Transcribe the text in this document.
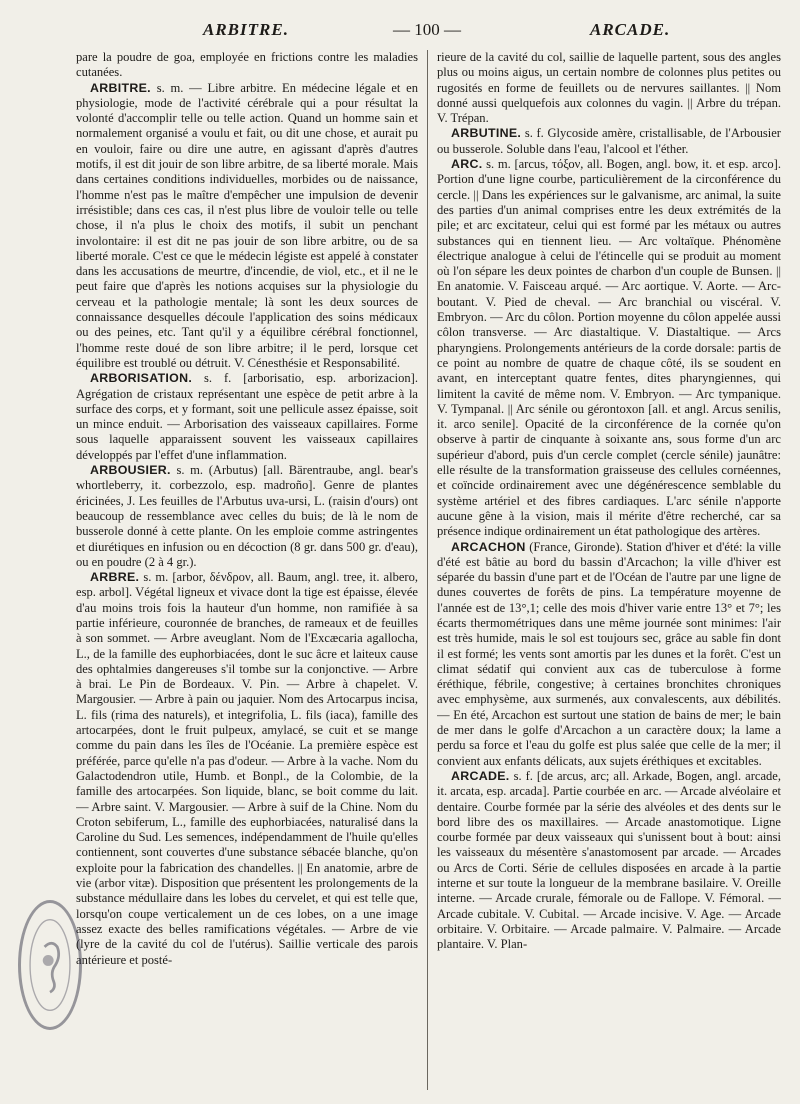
ARBITRE.	— 100 —	ARCADE.

pare la poudre de goa, employée en frictions contre les maladies cutanées.

ARBITRE. s. m. — Libre arbitre. En médecine légale et en physiologie, mode de l'activité cérébrale qui a pour résultat la volonté d'accomplir telle ou telle action. Quand un homme sain et normalement organisé a voulu et fait, ou dit une chose, et aurait pu en vouloir, faire ou dire une autre, en agissant d'après d'autres motifs, il est dit jouir de son libre arbitre, de sa liberté morale. Mais dans certaines conditions individuelles, morbides ou de naissance, l'homme n'est pas le maître d'empêcher une impulsion de devenir irrésistible; dans ces cas, il n'est plus libre de vouloir telle ou telle chose, il n'a plus le choix des motifs, il subit un penchant involontaire: il est dit ne pas jouir de son libre arbitre, ou de sa liberté morale. C'est ce que le médecin légiste est appelé à constater dans les accusations de meurtre, d'incendie, de viol, etc., et il ne le peut faire que d'après les notions acquises sur la physiologie du cerveau et la pathologie mentale; là sont les deux sources de connaissance desquelles découle l'application des soins médicaux ou des peines, etc. Tant qu'il y a équilibre cérébral fonctionnel, l'homme reste doué de son libre arbitre; il le perd, lorsque cet équilibre est troublé ou détruit. V. Cénesthésie et Responsabilité.

ARBORISATION. s. f. [arborisatio, esp. arborizacion]. Agrégation de cristaux représentant une espèce de petit arbre à la surface des corps, et y formant, soit une pellicule assez épaisse, soit un mince enduit. — Arborisation des vaisseaux capillaires. Forme sous laquelle apparaissent souvent les vaisseaux capillaires développés par l'effet d'une inflammation.

ARBOUSIER. s. m. (Arbutus) [all. Bärentraube, angl. bear's whortleberry, it. corbezzolo, esp. madroño]. Genre de plantes éricinées, J. Les feuilles de l'Arbutus uva-ursi, L. (raisin d'ours) ont beaucoup de ressemblance avec celles du buis; de là le nom de busserole donné à cette plante. On les emploie comme astringentes et diurétiques en infusion ou en décoction (8 gr. dans 500 gr. d'eau), ou en poudre (2 à 4 gr.).

ARBRE. s. m. [arbor, δένδρον, all. Baum, angl. tree, it. albero, esp. arbol]. Végétal ligneux et vivace dont la tige est épaisse, élevée d'au moins trois fois la hauteur d'un homme, non ramifiée à sa partie inférieure, couronnée de branches, de rameaux et de feuilles à son sommet. — Arbre aveuglant. Nom de l'Excæcaria agallocha, L., de la famille des euphorbiacées, dont le suc âcre et laiteux cause des ophtalmies dangereuses s'il tombe sur la conjonctive. — Arbre à brai. Le Pin de Bordeaux. V. Pin. — Arbre à chapelet. V. Margousier. — Arbre à pain ou jaquier. Nom des Artocarpus incisa, L. fils (rima des naturels), et integrifolia, L. fils (iaca), famille des artocarpées, dont le fruit pulpeux, amylacé, se cuit et se mange comme du pain dans les îles de l'Océanie. La première espèce est préférée, parce qu'elle n'a pas d'odeur. — Arbre à la vache. Nom du Galactodendron utile, Humb. et Bonpl., de la Colombie, de la famille des artocarpées. Son liquide, blanc, se boit comme du lait. — Arbre saint. V. Margousier. — Arbre à suif de la Chine. Nom du Croton sebiferum, L., famille des euphorbiacées, naturalisé dans la Caroline du Sud. Les semences, indépendamment de l'huile qu'elles contiennent, sont couvertes d'une substance sébacée blanche, qu'on exploite pour la fabrication des chandelles. || En anatomie, arbre de vie (arbor vitæ). Disposition que présentent les prolongements de la substance médullaire dans les lobes du cervelet, et qui est telle que, lorsqu'on coupe verticalement un de ces lobes, on a une image assez exacte des belles ramifications végétales. — Arbre de vie (lyre de la cavité du col de l'utérus). Saillie verticale des parois antérieure et posté-

rieure de la cavité du col, saillie de laquelle partent, sous des angles plus ou moins aigus, un certain nombre de colonnes plus petites ou rugosités en forme de feuillets ou de nervures saillantes. || Nom donné aussi quelquefois aux colonnes du vagin. || Arbre du trépan. V. Trépan.

ARBUTINE. s. f. Glycoside amère, cristallisable, de l'Arbousier ou busserole. Soluble dans l'eau, l'alcool et l'éther.

ARC. s. m. [arcus, τόξον, all. Bogen, angl. bow, it. et esp. arco]. Portion d'une ligne courbe, particulièrement de la circonférence du cercle. || Dans les expériences sur le galvanisme, arc animal, la suite des parties d'un animal comprises entre les deux extrémités de la pile; et arc excitateur, celui qui est formé par les métaux ou autres substances qui en tiennent lieu. — Arc voltaïque. Phénomène électrique analogue à celui de l'étincelle qui se produit au moment où l'on sépare les deux pointes de charbon d'un couple de Bunsen. || En anatomie. V. Faisceau arqué. — Arc aortique. V. Aorte. — Arc-boutant. V. Pied de cheval. — Arc branchial ou viscéral. V. Embryon. — Arc du côlon. Portion moyenne du côlon appelée aussi côlon transverse. — Arc diastaltique. V. Diastaltique. — Arcs pharyngiens. Prolongements antérieurs de la corde dorsale: partis de ce point au nombre de quatre de chaque côté, ils se soudent en avant, en interceptant quatre fentes, dites pharyngiennes, qui limitent la cavité de même nom. V. Embryon. — Arc tympanique. V. Tympanal. || Arc sénile ou gérontoxon [all. et angl. Arcus senilis, it. arco senile]. Opacité de la circonférence de la cornée qu'on observe à partir de cinquante à soixante ans, sous forme d'un arc supérieur d'abord, puis d'un cercle complet (cercle sénile) jaunâtre: elle résulte de la transformation graisseuse des cellules cornéennes, et coïncide ordinairement avec une dégénérescence semblable du système artériel et des fibres cardiaques. L'arc sénile n'apporte aucune gêne à la vision, mais il mérite d'être recherché, car sa présence indique ordinairement un état pathologique des artères.

ARCACHON (France, Gironde). Station d'hiver et d'été: la ville d'été est bâtie au bord du bassin d'Arcachon; la ville d'hiver est séparée du bassin d'une part et de l'Océan de l'autre par une ligne de dunes couvertes de forêts de pins. La température moyenne de l'année est de 13°,1; celle des mois d'hiver varie entre 13° et 7°; les écarts thermométriques dans une même journée sont minimes: l'air est très humide, mais le sol est toujours sec, grâce au sable fin dont il est formé; les vents sont amortis par les dunes et la forêt. C'est un climat sédatif qui convient aux cas de tuberculose à forme éréthique, fébrile, congestive; à certaines bronchites chroniques avec emphysème, aux surmenés, aux convalescents, aux débilités. — En été, Arcachon est surtout une station de bains de mer; le bain de mer dans le golfe d'Arcachon a un caractère doux; la lame a perdu sa force et l'eau du golfe est plus salée que celle de la mer; il convient aux enfants délicats, aux sujets éréthiques et excitables.

ARCADE. s. f. [de arcus, arc; all. Arkade, Bogen, angl. arcade, it. arcata, esp. arcada]. Partie courbée en arc. — Arcade alvéolaire et dentaire. Courbe formée par la série des alvéoles et des dents sur le bord libre des os maxillaires. — Arcade anastomotique. Ligne courbe formée par deux vaisseaux qui s'unissent bout à bout: ainsi les vaisseaux du mésentère s'anastomosent par arcade. — Arcades ou Arcs de Corti. Série de cellules disposées en arcade à la partie interne et sur toute la longueur de la membrane basilaire. V. Oreille interne. — Arcade crurale, fémorale ou de Fallope. V. Fémoral. — Arcade cubitale. V. Cubital. — Arcade incisive. V. Age. — Arcade orbitaire. V. Orbitaire. — Arcade palmaire. V. Palmaire. — Arcade plantaire. V. Plan-
